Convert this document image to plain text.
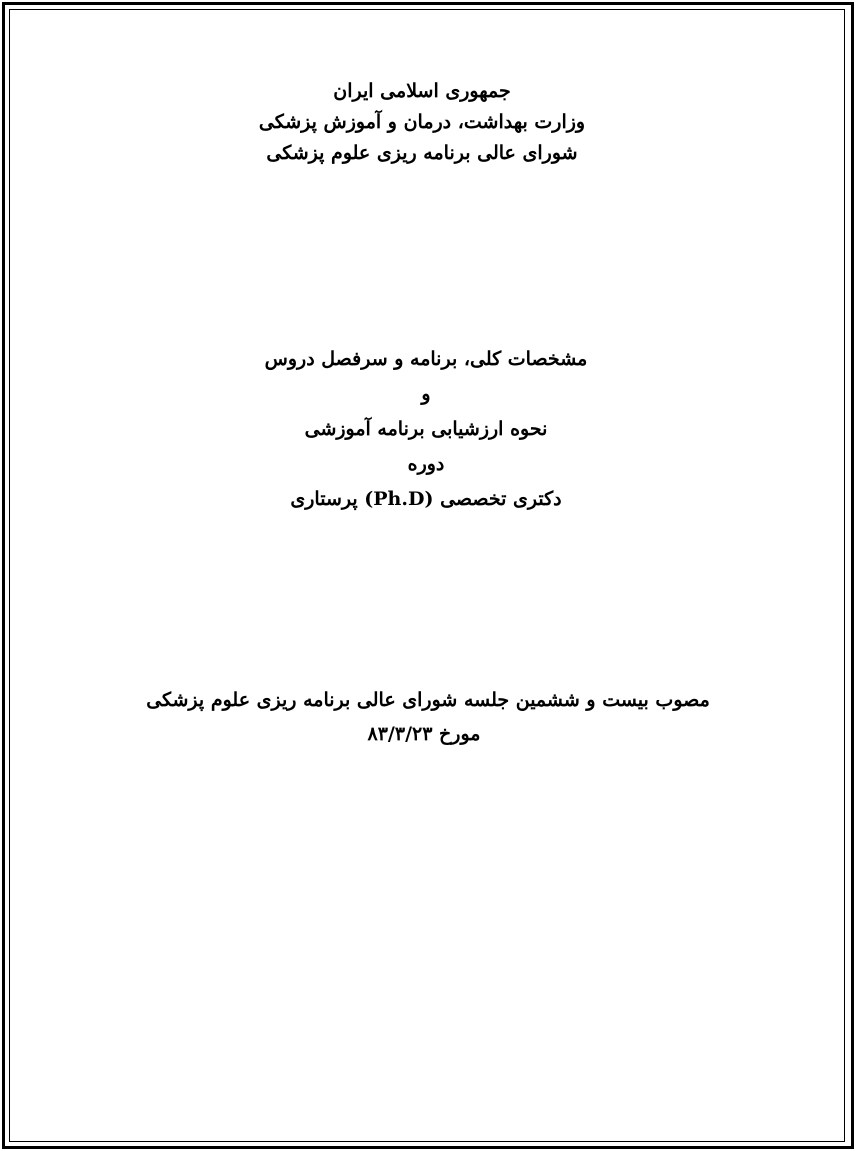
جمهوری اسلامی ایران
وزارت بهداشت، درمان و آموزش پزشکی
شورای عالی برنامه ریزی علوم پزشکی
مشخصات کلی، برنامه و سرفصل دروس
و
نحوه ارزشیابی برنامه آموزشی
دوره
دکتری تخصصی (Ph.D) پرستاری
مصوب بیست و ششمین جلسه شورای عالی برنامه ریزی علوم پزشکی
مورخ ۸۳/۳/۲۳
